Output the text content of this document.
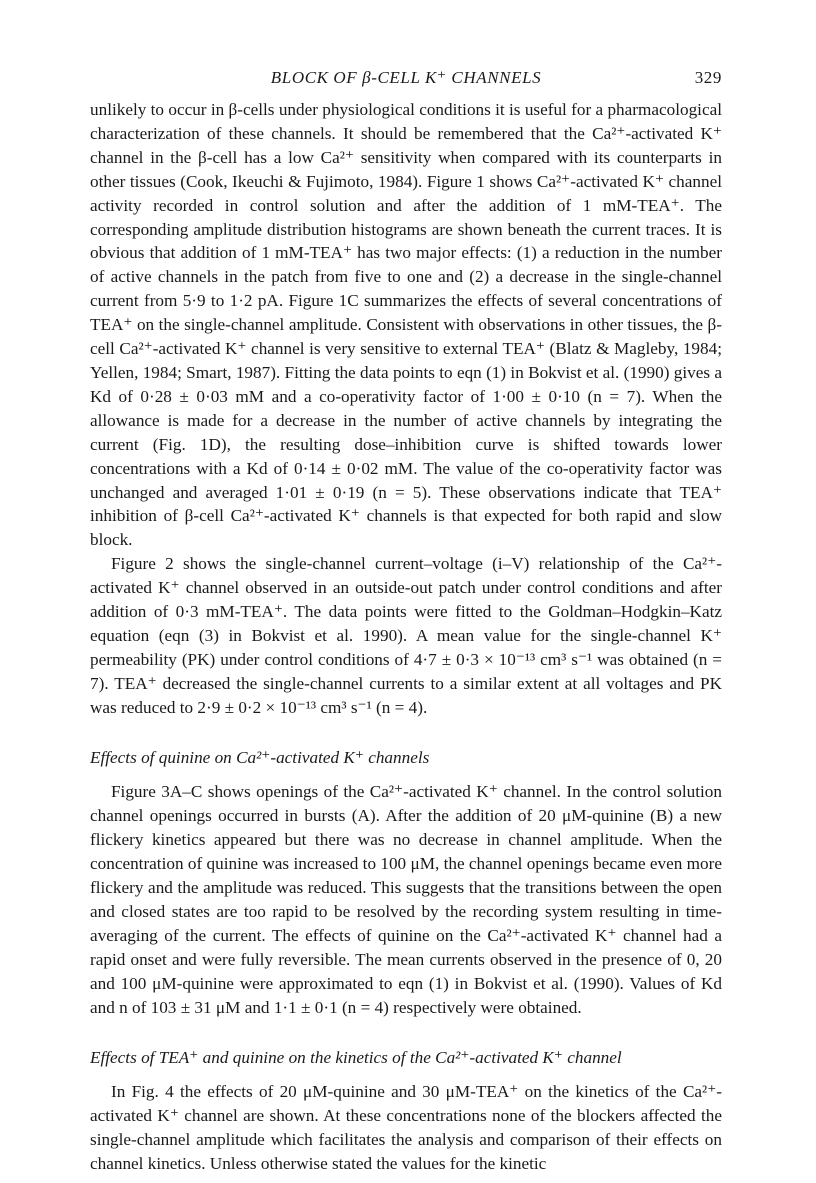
BLOCK OF β-CELL K⁺ CHANNELS	329

unlikely to occur in β-cells under physiological conditions it is useful for a pharmacological characterization of these channels. It should be remembered that the Ca²⁺-activated K⁺ channel in the β-cell has a low Ca²⁺ sensitivity when compared with its counterparts in other tissues (Cook, Ikeuchi & Fujimoto, 1984). Figure 1 shows Ca²⁺-activated K⁺ channel activity recorded in control solution and after the addition of 1 mM-TEA⁺. The corresponding amplitude distribution histograms are shown beneath the current traces. It is obvious that addition of 1 mM-TEA⁺ has two major effects: (1) a reduction in the number of active channels in the patch from five to one and (2) a decrease in the single-channel current from 5·9 to 1·2 pA. Figure 1C summarizes the effects of several concentrations of TEA⁺ on the single-channel amplitude. Consistent with observations in other tissues, the β-cell Ca²⁺-activated K⁺ channel is very sensitive to external TEA⁺ (Blatz & Magleby, 1984; Yellen, 1984; Smart, 1987). Fitting the data points to eqn (1) in Bokvist et al. (1990) gives a Kd of 0·28 ± 0·03 mM and a co-operativity factor of 1·00 ± 0·10 (n = 7). When the allowance is made for a decrease in the number of active channels by integrating the current (Fig. 1D), the resulting dose–inhibition curve is shifted towards lower concentrations with a Kd of 0·14 ± 0·02 mM. The value of the co-operativity factor was unchanged and averaged 1·01 ± 0·19 (n = 5). These observations indicate that TEA⁺ inhibition of β-cell Ca²⁺-activated K⁺ channels is that expected for both rapid and slow block.

Figure 2 shows the single-channel current–voltage (i–V) relationship of the Ca²⁺-activated K⁺ channel observed in an outside-out patch under control conditions and after addition of 0·3 mM-TEA⁺. The data points were fitted to the Goldman–Hodgkin–Katz equation (eqn (3) in Bokvist et al. 1990). A mean value for the single-channel K⁺ permeability (PK) under control conditions of 4·7 ± 0·3 × 10⁻¹³ cm³ s⁻¹ was obtained (n = 7). TEA⁺ decreased the single-channel currents to a similar extent at all voltages and PK was reduced to 2·9 ± 0·2 × 10⁻¹³ cm³ s⁻¹ (n = 4).

Effects of quinine on Ca²⁺-activated K⁺ channels

Figure 3A–C shows openings of the Ca²⁺-activated K⁺ channel. In the control solution channel openings occurred in bursts (A). After the addition of 20 μM-quinine (B) a new flickery kinetics appeared but there was no decrease in channel amplitude. When the concentration of quinine was increased to 100 μM, the channel openings became even more flickery and the amplitude was reduced. This suggests that the transitions between the open and closed states are too rapid to be resolved by the recording system resulting in time-averaging of the current. The effects of quinine on the Ca²⁺-activated K⁺ channel had a rapid onset and were fully reversible. The mean currents observed in the presence of 0, 20 and 100 μM-quinine were approximated to eqn (1) in Bokvist et al. (1990). Values of Kd and n of 103 ± 31 μM and 1·1 ± 0·1 (n = 4) respectively were obtained.

Effects of TEA⁺ and quinine on the kinetics of the Ca²⁺-activated K⁺ channel

In Fig. 4 the effects of 20 μM-quinine and 30 μM-TEA⁺ on the kinetics of the Ca²⁺-activated K⁺ channel are shown. At these concentrations none of the blockers affected the single-channel amplitude which facilitates the analysis and comparison of their effects on channel kinetics. Unless otherwise stated the values for the kinetic
